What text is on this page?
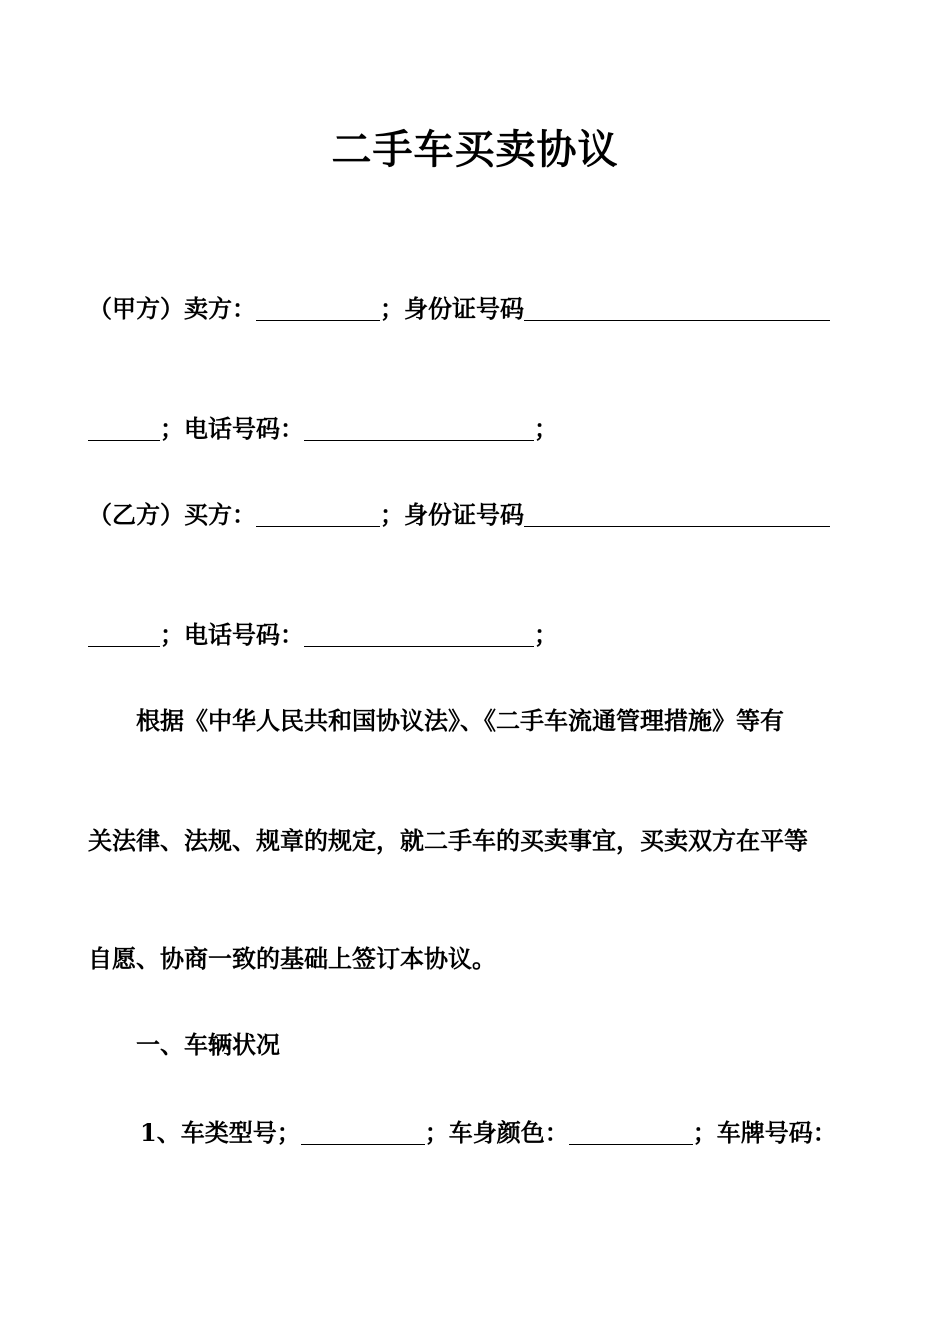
二手车买卖协议
（甲方）卖方：	；身份证号码
；电话号码：	；
（乙方）买方：	；身份证号码
；电话号码：	；
根据《中华人民共和国协议法》、《二手车流通管理措施》等有
关法律、法规、规章的规定，就二手车的买卖事宜，买卖双方在平等
自愿、协商一致的基础上签订本协议。
一、车辆状况
1、车类型号；	；车身颜色：	；车牌号码：
